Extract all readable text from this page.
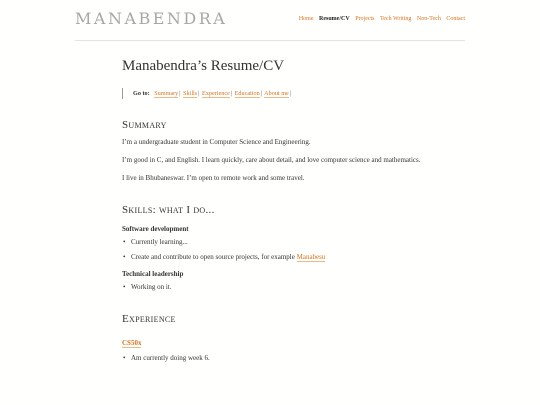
MANABENDRA	Home Resume/CV Projects Tech Writing Non-Tech Contact
Manabendra’s Resume/CV
Go to: Summary| Skills| Experience| Education| About me|
Summary

I’m a undergraduate student in Computer Science and Engineering.

I’m good in C, and English. I learn quickly, care about detail, and love computer science and mathematics.

I live in Bhubaneswar. I’m open to remote work and some travel.

Skills: what I do...
Software development
• Currently learning...
• Create and contribute to open source projects, for example Manabesu
Technical leadership
• Working on it.
Experience
CS50x
• Am currently doing week 6.
